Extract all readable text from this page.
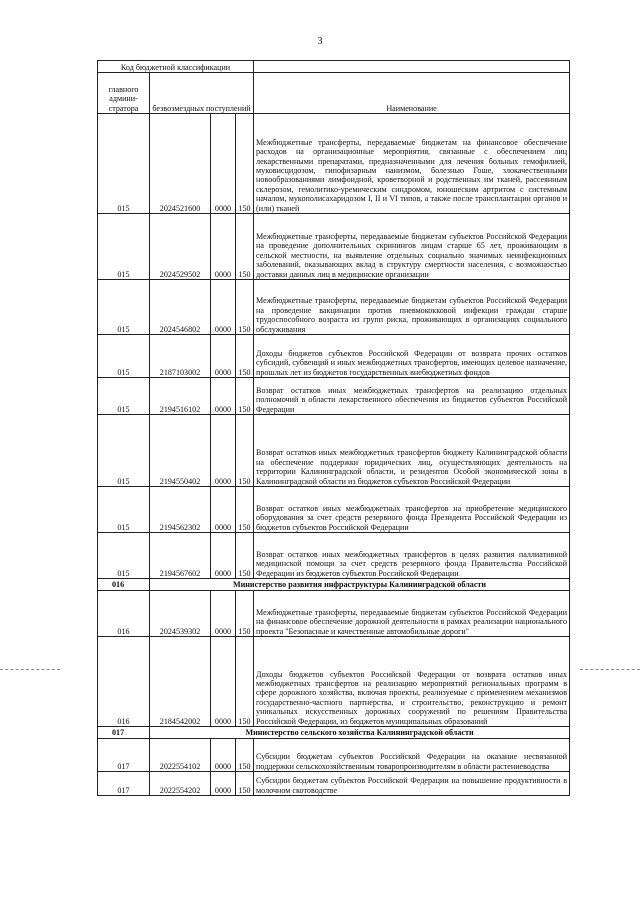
3
Код бюджетной классификации				
главного админи-стратора	безвозмездных поступлений			Наименование
015	2024521600	0000	150	Межбюджетные трансферты, передаваемые бюджетам на финансовое обеспечение расходов на организационные мероприятия, связанные с обеспечением лиц лекарственными препаратами, предназначенными для лечения больных гемофилией, муковисцидозом, гипофизарным нанизмом, болезнью Гоше, злокачественными новообразованиями лимфоидной, кроветворной и родственных им тканей, рассеянным склерозом, гемолитико-уремическим синдромом, юношеским артритом с системным началом, мукополисахаридозом I, II и VI типов, а также после трансплантации органов и (или) тканей
015	2024529502	0000	150	Межбюджетные трансферты, передаваемые бюджетам субъектов Российской Федерации на проведение дополнительных скринингов лицам старше 65 лет, проживающим в сельской местности, на выявление отдельных социально значимых неинфекционных заболеваний, оказывающих вклад в структуру смертности населения, с возможностью доставки данных лиц в медицинские организации
015	2024546802	0000	150	Межбюджетные трансферты, передаваемые бюджетам субъектов Российской Федерации на проведение вакцинации против пневмококковой инфекции граждан старше трудоспособного возраста из групп риска, проживающих в организациях социального обслуживания
015	2187103002	0000	150	Доходы бюджетов субъектов Российской Федерации от возврата прочих остатков субсидий, субвенций и иных межбюджетных трансфертов, имеющих целевое назначение, прошлых лет из бюджетов государственных внебюджетных фондов
015	2194516102	0000	150	Возврат остатков иных межбюджетных трансфертов на реализацию отдельных полномочий в области лекарственного обеспечения из бюджетов субъектов Российской Федерации
015	2194550402	0000	150	Возврат остатков иных межбюджетных трансфертов бюджету Калининградской области на обеспечение поддержки юридических лиц, осуществляющих деятельность на территории Калининградской области, и резидентов Особой экономической зоны в Калининградской области из бюджетов субъектов Российской Федерации
015	2194562302	0000	150	Возврат остатков иных межбюджетных трансфертов на приобретение медицинского оборудования за счет средств резервного фонда Президента Российской Федерации из бюджетов субъектов Российской Федерации
015	2194567602	0000	150	Возврат остатков иных межбюджетных трансфертов в целях развития паллиативной медицинской помощи за счет средств резервного фонда Правительства Российской Федерации из бюджетов субъектов Российской Федерации
016	Министерство развития инфраструктуры Калининградской области			
016	2024539302	0000	150	Межбюджетные трансферты, передаваемые бюджетам субъектов Российской Федерации на финансовое обеспечение дорожной деятельности в рамках реализации национального проекта "Безопасные и качественные автомобильные дороги"
016	2184542002	0000	150	Доходы бюджетов субъектов Российской Федерации от возврата остатков иных межбюджетных трансфертов на реализацию мероприятий региональных программ в сфере дорожного хозяйства, включая проекты, реализуемые с применением механизмов государственно-частного партнерства, и строительство, реконструкцию и ремонт уникальных искусственных дорожных сооружений по решениям Правительства Российской Федерации, из бюджетов муниципальных образований
017	Министерство сельского хозяйства Калининградской области			
017	2022554102	0000	150	Субсидии бюджетам субъектов Российской Федерации на оказание несвязанной поддержки сельскохозяйственным товаропроизводителям в области растениеводства
017	2022554202	0000	150	Субсидии бюджетам субъектов Российской Федерации на повышение продуктивности в молочном скотоводстве
